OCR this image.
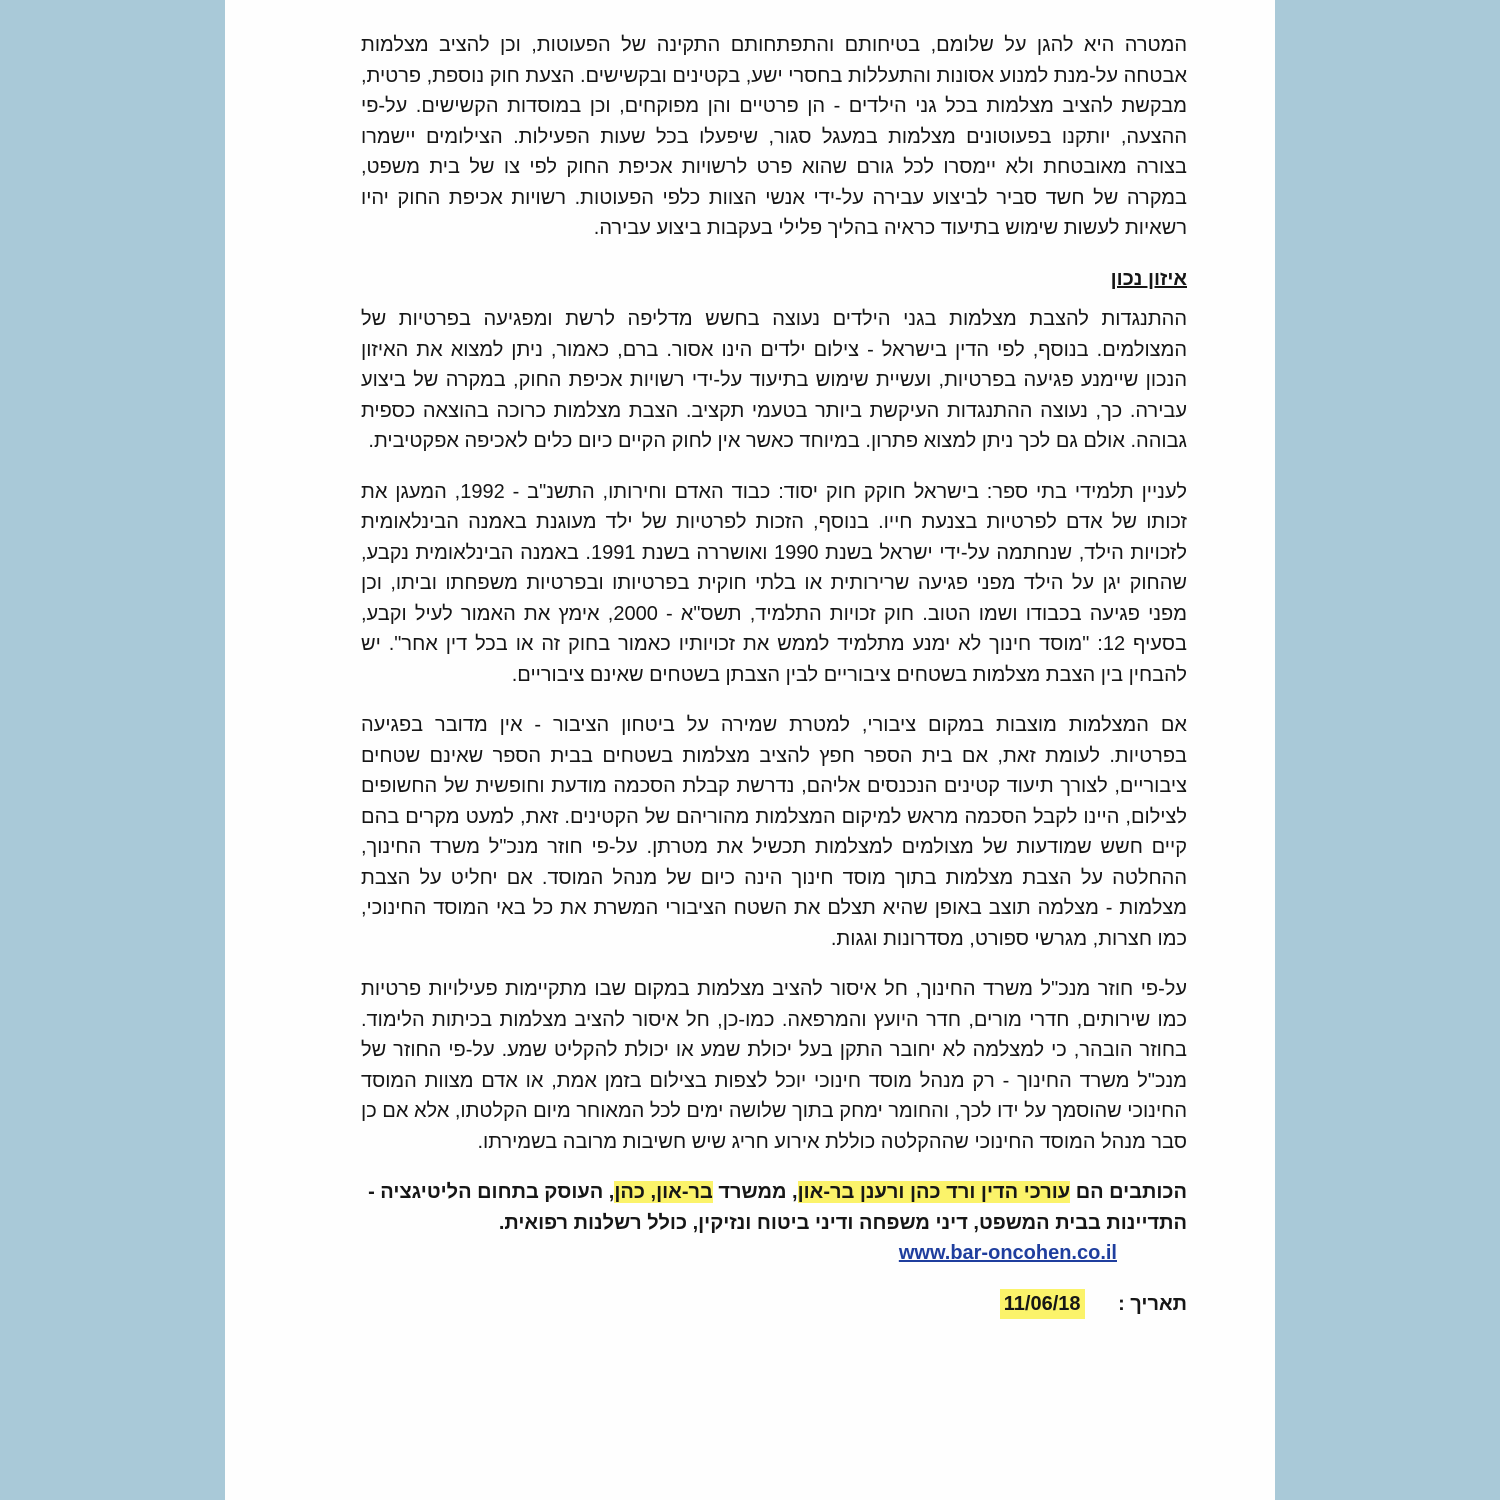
המטרה היא להגן על שלומם, בטיחותם והתפתחותם התקינה של הפעוטות, וכן להציב מצלמות אבטחה על-מנת למנוע אסונות והתעללות בחסרי ישע, בקטינים ובקשישים. הצעת חוק נוספת, פרטית, מבקשת להציב מצלמות בכל גני הילדים - הן פרטיים והן מפוקחים, וכן במוסדות הקשישים. על-פי ההצעה, יותקנו בפעוטונים מצלמות במעגל סגור, שיפעלו בכל שעות הפעילות. הצילומים יישמרו בצורה מאובטחת ולא יימסרו לכל גורם שהוא פרט לרשויות אכיפת החוק לפי צו של בית משפט, במקרה של חשד סביר לביצוע עבירה על-ידי אנשי הצוות כלפי הפעוטות. רשויות אכיפת החוק יהיו רשאיות לעשות שימוש בתיעוד כראיה בהליך פלילי בעקבות ביצוע עבירה.

איזון נכון

ההתנגדות להצבת מצלמות בגני הילדים נעוצה בחשש מדליפה לרשת ומפגיעה בפרטיות של המצולמים. בנוסף, לפי הדין בישראל - צילום ילדים הינו אסור. ברם, כאמור, ניתן למצוא את האיזון הנכון שיימנע פגיעה בפרטיות, ועשיית שימוש בתיעוד על-ידי רשויות אכיפת החוק, במקרה של ביצוע עבירה. כך, נעוצה ההתנגדות העיקשת ביותר בטעמי תקציב. הצבת מצלמות כרוכה בהוצאה כספית גבוהה. אולם גם לכך ניתן למצוא פתרון. במיוחד כאשר אין לחוק הקיים כיום כלים לאכיפה אפקטיבית.

לעניין תלמידי בתי ספר: בישראל חוקק חוק יסוד: כבוד האדם וחירותו, התשנ"ב - 1992, המעגן את זכותו של אדם לפרטיות בצנעת חייו. בנוסף, הזכות לפרטיות של ילד מעוגנת באמנה הבינלאומית לזכויות הילד, שנחתמה על-ידי ישראל בשנת 1990 ואושררה בשנת 1991. באמנה הבינלאומית נקבע, שהחוק יגן על הילד מפני פגיעה שרירותית או בלתי חוקית בפרטיותו ובפרטיות משפחתו וביתו, וכן מפני פגיעה בכבודו ושמו הטוב. חוק זכויות התלמיד, תשס"א - 2000, אימץ את האמור לעיל וקבע, בסעיף 12: "מוסד חינוך לא ימנע מתלמיד לממש את זכויותיו כאמור בחוק זה או בכל דין אחר". יש להבחין בין הצבת מצלמות בשטחים ציבוריים לבין הצבתן בשטחים שאינם ציבוריים.

אם המצלמות מוצבות במקום ציבורי, למטרת שמירה על ביטחון הציבור - אין מדובר בפגיעה בפרטיות. לעומת זאת, אם בית הספר חפץ להציב מצלמות בשטחים בבית הספר שאינם שטחים ציבוריים, לצורך תיעוד קטינים הנכנסים אליהם, נדרשת קבלת הסכמה מודעת וחופשית של החשופים לצילום, היינו לקבל הסכמה מראש למיקום המצלמות מהוריהם של הקטינים. זאת, למעט מקרים בהם קיים חשש שמודעות של מצולמים למצלמות תכשיל את מטרתן. על-פי חוזר מנכ"ל משרד החינוך, ההחלטה על הצבת מצלמות בתוך מוסד חינוך הינה כיום של מנהל המוסד. אם יחליט על הצבת מצלמות - מצלמה תוצב באופן שהיא תצלם את השטח הציבורי המשרת את כל באי המוסד החינוכי, כמו חצרות, מגרשי ספורט, מסדרונות וגגות.

על-פי חוזר מנכ"ל משרד החינוך, חל איסור להציב מצלמות במקום שבו מתקיימות פעילויות פרטיות כמו שירותים, חדרי מורים, חדר היועץ והמרפאה. כמו-כן, חל איסור להציב מצלמות בכיתות הלימוד. בחוזר הובהר, כי למצלמה לא יחובר התקן בעל יכולת שמע או יכולת להקליט שמע. על-פי החוזר של מנכ"ל משרד החינוך - רק מנהל מוסד חינוכי יוכל לצפות בצילום בזמן אמת, או אדם מצוות המוסד החינוכי שהוסמך על ידו לכך, והחומר ימחק בתוך שלושה ימים לכל המאוחר מיום הקלטתו, אלא אם כן סבר מנהל המוסד החינוכי שההקלטה כוללת אירוע חריג שיש חשיבות מרובה בשמירתו.

הכותבים הם עורכי הדין ורד כהן ורענן בר-און, ממשרד בר-און, כהן, העוסק בתחום הליטיגציה - התדיינות בבית המשפט, דיני משפחה ודיני ביטוח ונזיקין, כולל רשלנות רפואית. www.bar-oncohen.co.il
תאריך : 11/06/18
